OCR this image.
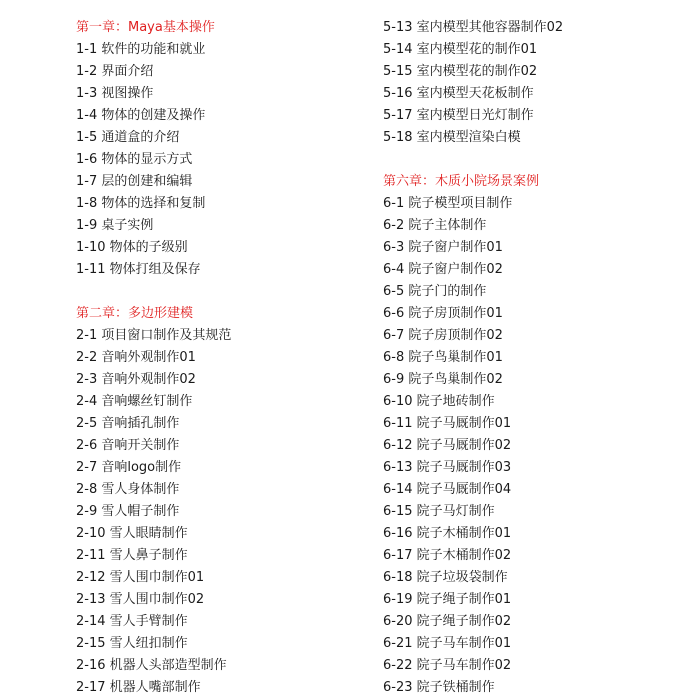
第一章：Maya基本操作
1-1 软件的功能和就业
1-2 界面介绍
1-3 视图操作
1-4 物体的创建及操作
1-5 通道盒的介绍
1-6 物体的显示方式
1-7 层的创建和编辑
1-8 物体的选择和复制
1-9 桌子实例
1-10 物体的子级别
1-11 物体打组及保存
第二章：多边形建模
2-1 项目窗口制作及其规范
2-2 音响外观制作01
2-3 音响外观制作02
2-4 音响螺丝钉制作
2-5 音响插孔制作
2-6 音响开关制作
2-7 音响logo制作
2-8 雪人身体制作
2-9 雪人帽子制作
2-10 雪人眼睛制作
2-11 雪人鼻子制作
2-12 雪人围巾制作01
2-13 雪人围巾制作02
2-14 雪人手臂制作
2-15 雪人纽扣制作
2-16 机器人头部造型制作
2-17 机器人嘴部制作
5-13 室内模型其他容器制作02
5-14 室内模型花的制作01
5-15 室内模型花的制作02
5-16 室内模型天花板制作
5-17 室内模型日光灯制作
5-18 室内模型渲染白模
第六章：木质小院场景案例
6-1 院子模型项目制作
6-2 院子主体制作
6-3 院子窗户制作01
6-4 院子窗户制作02
6-5 院子门的制作
6-6 院子房顶制作01
6-7 院子房顶制作02
6-8 院子鸟巢制作01
6-9 院子鸟巢制作02
6-10 院子地砖制作
6-11 院子马厩制作01
6-12 院子马厩制作02
6-13 院子马厩制作03
6-14 院子马厩制作04
6-15 院子马灯制作
6-16 院子木桶制作01
6-17 院子木桶制作02
6-18 院子垃圾袋制作
6-19 院子绳子制作01
6-20 院子绳子制作02
6-21 院子马车制作01
6-22 院子马车制作02
6-23 院子铁桶制作
